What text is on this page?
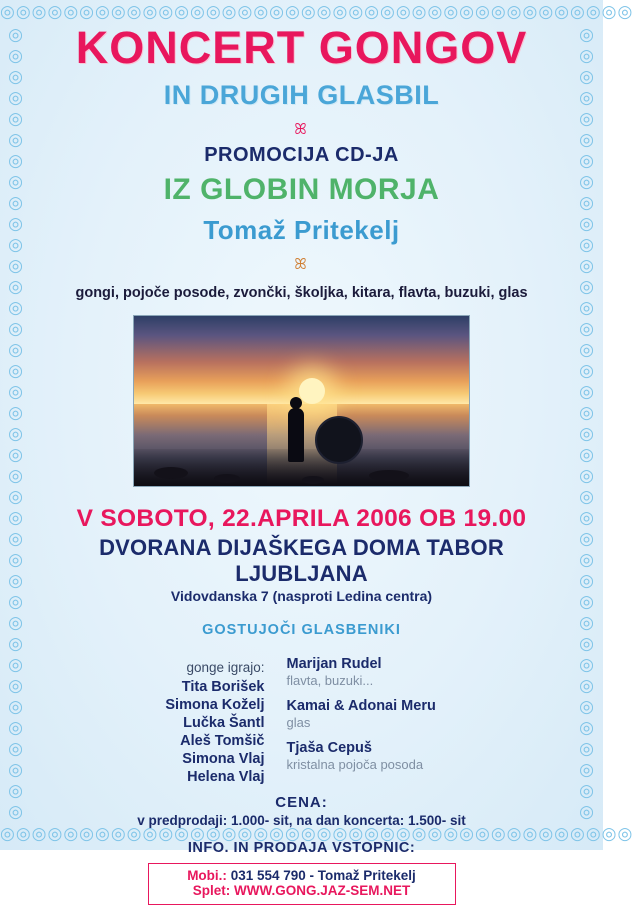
◎◎◎◎◎◎◎◎◎◎◎◎◎◎◎◎◎◎◎◎◎◎◎◎◎◎◎◎◎◎◎◎◎◎◎◎◎◎◎◎
◎◎◎◎◎◎◎◎◎◎◎◎◎◎◎◎◎◎◎◎◎◎◎◎◎◎◎◎◎◎◎◎◎◎◎◎◎◎◎◎
◎
◎
◎
◎
◎
◎
◎
◎
◎
◎
◎
◎
◎
◎
◎
◎
◎
◎
◎
◎
◎
◎
◎
◎
◎
◎
◎
◎
◎
◎
◎
◎
◎
◎
◎
◎
◎
◎
◎
◎
◎
◎
◎
◎
◎
◎
◎
◎
◎
◎
◎
◎
◎
◎
◎
◎
◎
◎
◎
◎
◎
◎
◎
◎
◎
◎
◎
◎
◎
◎
◎
◎
◎
◎
◎
◎
KONCERT GONGOV
IN DRUGIH GLASBIL
ꕤ
PROMOCIJA CD-JA
IZ GLOBIN MORJA
Tomaž Pritekelj
ꕤ
gongi, pojoče posode, zvončki, školjka, kitara, flavta, buzuki, glas
V SOBOTO, 22.APRILA 2006 OB 19.00
DVORANA DIJAŠKEGA DOMA TABOR LJUBLJANA
Vidovdanska 7 (nasproti Ledina centra)
GOSTUJOČI GLASBENIKI
gonge igrajo:
Tita Borišek
Simona Koželj
Lučka Šantl
Aleš Tomšič
Simona Vlaj
Helena Vlaj
Marijan Rudel
flavta, buzuki...
Kamai & Adonai Meru
glas
Tjaša Cepuš
kristalna pojoča posoda
CENA:
v predprodaji: 1.000- sit, na dan koncerta: 1.500- sit
INFO. IN PRODAJA VSTOPNIC:
Mobi.: 031 554 790 - Tomaž Pritekelj
Splet: WWW.GONG.JAZ-SEM.NET
